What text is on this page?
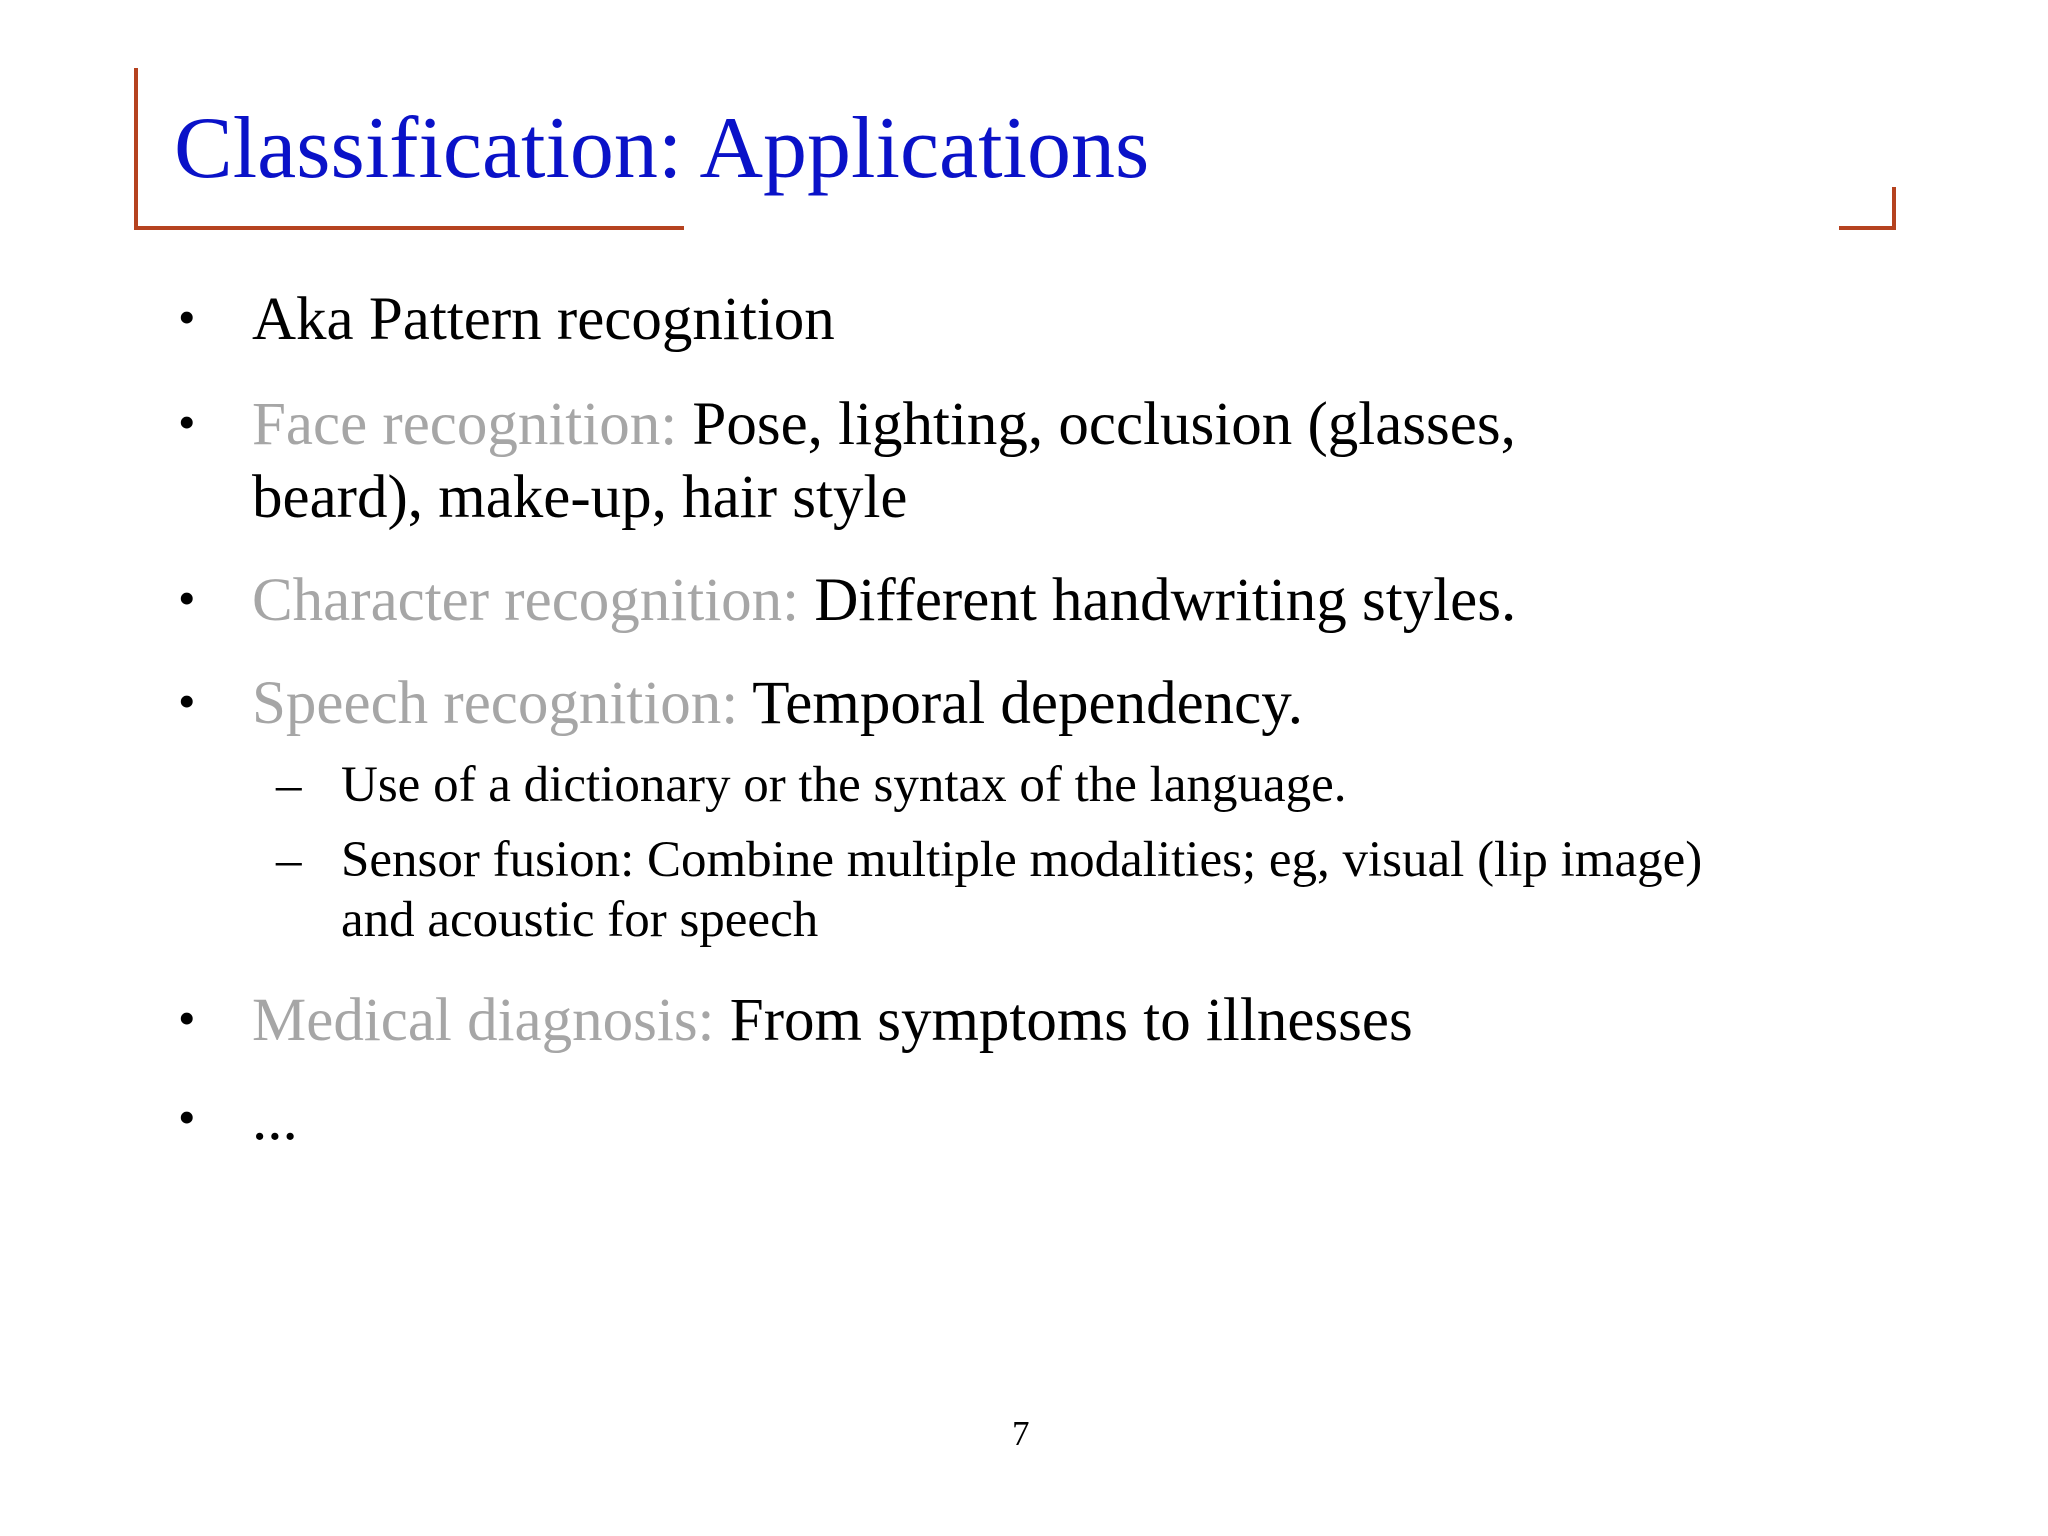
Classification: Applications
• Aka Pattern recognition
• Face recognition: Pose, lighting, occlusion (glasses,
beard), make-up, hair style
• Character recognition: Different handwriting styles.
• Speech recognition: Temporal dependency.
– Use of a dictionary or the syntax of the language.
– Sensor fusion: Combine multiple modalities; eg, visual (lip image)
and acoustic for speech
• Medical diagnosis: From symptoms to illnesses
• ...
7
